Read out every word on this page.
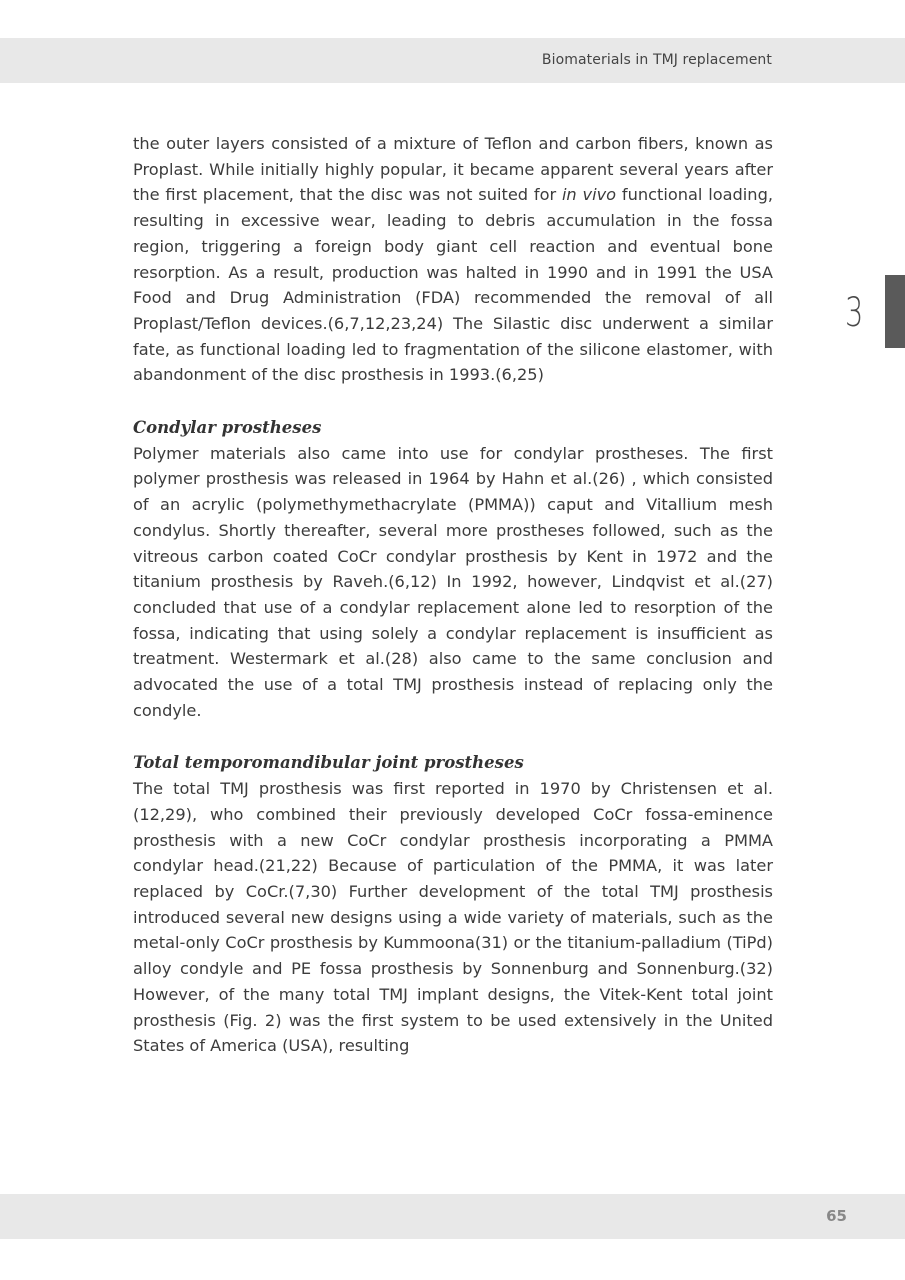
Biomaterials in TMJ replacement
3

the outer layers consisted of a mixture of Teflon and carbon fibers, known as Proplast. While initially highly popular, it became apparent several years after the first placement, that the disc was not suited for in vivo functional loading, resulting in excessive wear, leading to debris accumulation in the fossa region, triggering a foreign body giant cell reaction and eventual bone resorption. As a result, production was halted in 1990 and in 1991 the USA Food and Drug Administration (FDA) recommended the removal of all Proplast/Teflon devices.(6,7,12,23,24) The Silastic disc underwent a similar fate, as functional loading led to fragmentation of the silicone elastomer, with abandonment of the disc prosthesis in 1993.(6,25)

Condylar prostheses

Polymer materials also came into use for condylar prostheses. The first polymer prosthesis was released in 1964 by Hahn et al.(26) , which consisted of an acrylic (polymethymethacrylate (PMMA)) caput and Vitallium mesh condylus. Shortly thereafter, several more prostheses followed, such as the vitreous carbon coated CoCr condylar prosthesis by Kent in 1972 and the titanium prosthesis by Raveh.(6,12) In 1992, however, Lindqvist et al.(27) concluded that use of a condylar replacement alone led to resorption of the fossa, indicating that using solely a condylar replacement is insufficient as treatment. Westermark et al.(28) also came to the same conclusion and advocated the use of a total TMJ prosthesis instead of replacing only the condyle.

Total temporomandibular joint prostheses

The total TMJ prosthesis was first reported in 1970 by Christensen et al.(12,29), who combined their previously developed CoCr fossa-eminence prosthesis with a new CoCr condylar prosthesis incorporating a PMMA condylar head.(21,22) Because of particulation of the PMMA, it was later replaced by CoCr.(7,30) Further development of the total TMJ prosthesis introduced several new designs using a wide variety of materials, such as the metal-only CoCr prosthesis by Kummoona(31) or the titanium-palladium (TiPd) alloy condyle and PE fossa prosthesis by Sonnenburg and Sonnenburg.(32) However, of the many total TMJ implant designs, the Vitek-Kent total joint prosthesis (Fig. 2) was the first system to be used extensively in the United States of America (USA), resulting

65
